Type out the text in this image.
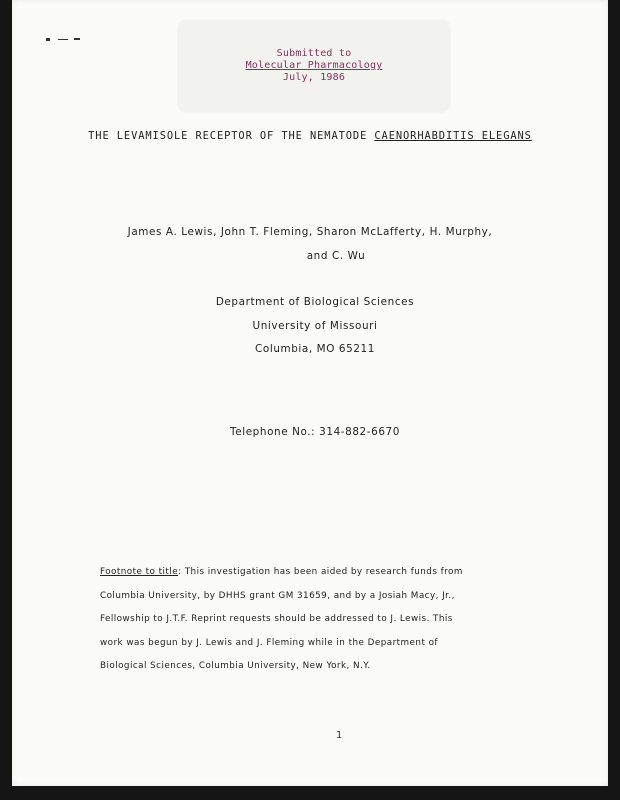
Submitted to
Molecular Pharmacology
July, 1986
THE LEVAMISOLE RECEPTOR OF THE NEMATODE CAENORHABDITIS ELEGANS
James A. Lewis, John T. Fleming, Sharon McLafferty, H. Murphy,
and C. Wu
Department of Biological Sciences
University of Missouri
Columbia, MO 65211
Telephone No.: 314-882-6670
Footnote to title: This investigation has been aided by research funds from
Columbia University, by DHHS grant GM 31659, and by a Josiah Macy, Jr.,
Fellowship to J.T.F. Reprint requests should be addressed to J. Lewis. This
work was begun by J. Lewis and J. Fleming while in the Department of
Biological Sciences, Columbia University, New York, N.Y.
1
